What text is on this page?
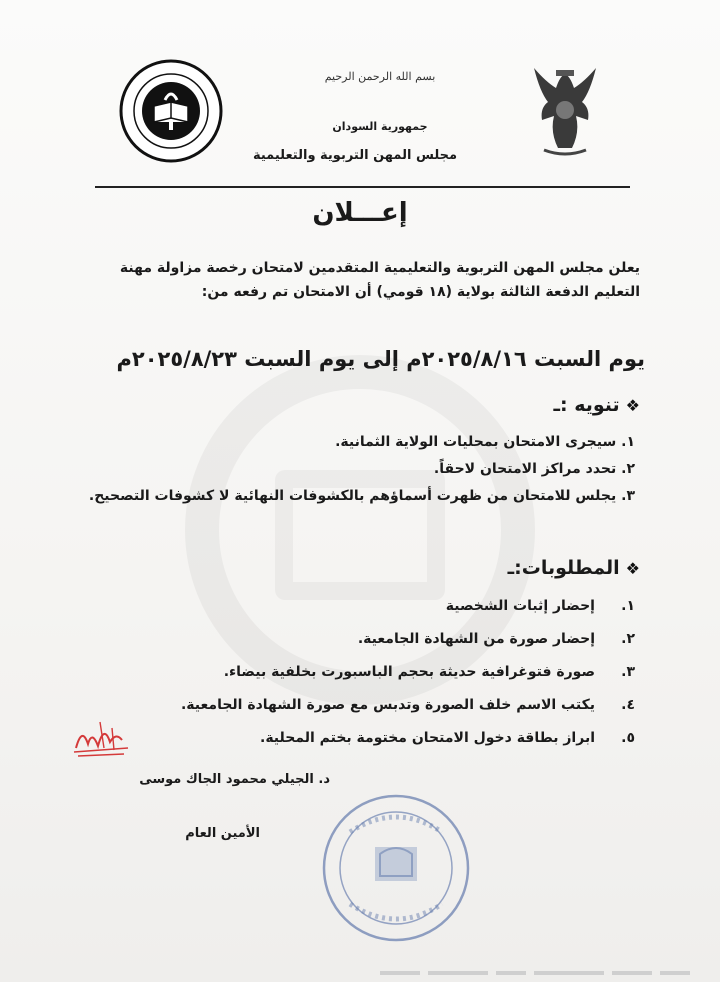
بسم الله الرحمن الرحيم
جمهورية السودان
مجلس المهن التربوية والتعليمية
إعـــلان
يعلن مجلس المهن التربوية والتعليمية المتقدمين لامتحان رخصة مزاولة مهنة التعليم الدفعة الثالثة بولاية (١٨ قومي) أن الامتحان تم رفعه من:
يوم السبت ٢٠٢٥/٨/١٦م إلى يوم السبت ٢٠٢٥/٨/٢٣م
❖تنويه :ـ
١. سيجرى الامتحان بمحليات الولاية الثمانية.
٢. تحدد مراكز الامتحان لاحقاً.
٣. يجلس للامتحان من ظهرت أسماؤهم بالكشوفات النهائية لا كشوفات التصحيح.
❖المطلوبات:ـ
١.
إحضار إثبات الشخصية
٢.
إحضار صورة من الشهادة الجامعية.
٣.
صورة فتوغرافية حديثة بحجم الباسبورت بخلفية بيضاء.
٤.
يكتب الاسم خلف الصورة وتدبس مع صورة الشهادة الجامعية.
٥.
ابراز بطاقة دخول الامتحان مختومة بختم المحلية.
د. الجيلي محمود الجاك موسى
الأمين العام
